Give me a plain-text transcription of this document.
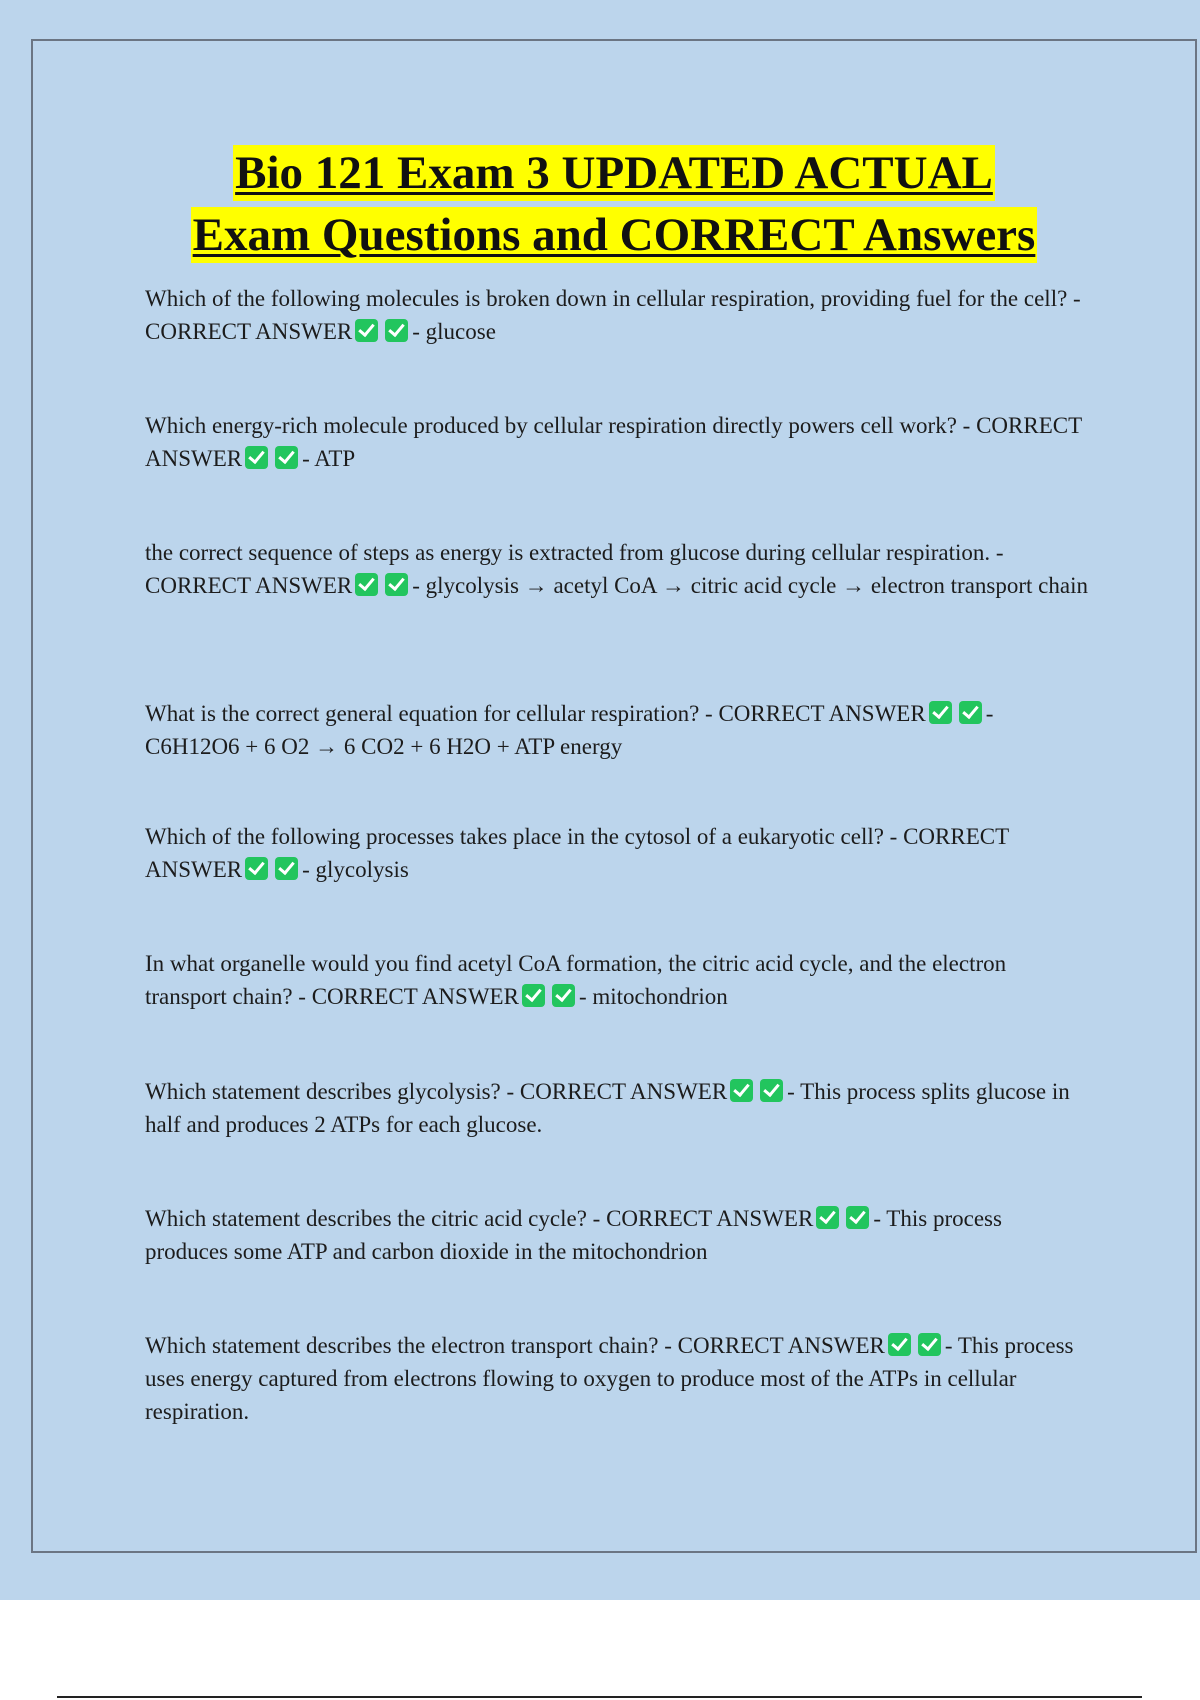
Bio 121 Exam 3 UPDATED ACTUAL
Exam Questions and CORRECT Answers
Which of the following molecules is broken down in cellular respiration, providing fuel for the cell? - CORRECT ANSWER	- glucose
Which energy-rich molecule produced by cellular respiration directly powers cell work? - CORRECT ANSWER	- ATP
the correct sequence of steps as energy is extracted from glucose during cellular respiration. - CORRECT ANSWER	- glycolysis → acetyl CoA → citric acid cycle → electron transport chain
What is the correct general equation for cellular respiration? - CORRECT ANSWER	- C6H12O6 + 6 O2 → 6 CO2 + 6 H2O + ATP energy
Which of the following processes takes place in the cytosol of a eukaryotic cell? - CORRECT ANSWER	- glycolysis
In what organelle would you find acetyl CoA formation, the citric acid cycle, and the electron transport chain? - CORRECT ANSWER	- mitochondrion
Which statement describes glycolysis? - CORRECT ANSWER	- This process splits glucose in half and produces 2 ATPs for each glucose.
Which statement describes the citric acid cycle? - CORRECT ANSWER	- This process produces some ATP and carbon dioxide in the mitochondrion
Which statement describes the electron transport chain? - CORRECT ANSWER	- This process uses energy captured from electrons flowing to oxygen to produce most of the ATPs in cellular respiration.
